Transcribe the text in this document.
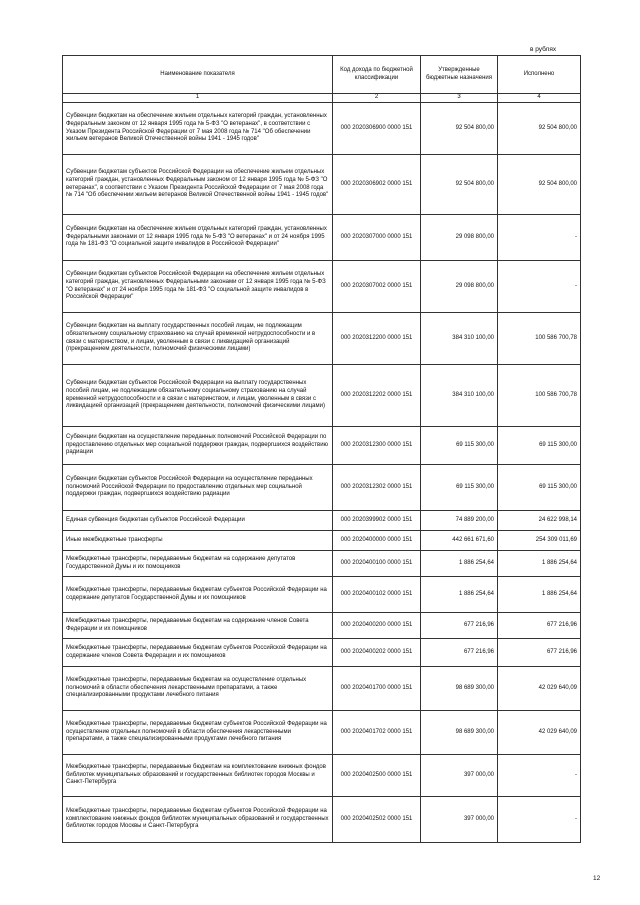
в рублях
Наименование показателя	Код дохода по бюджетной классификации	Утвержденные бюджетные назначения	Исполнено
1	2	3	4
Субвенции бюджетам на обеспечение жильем отдельных категорий граждан, установленных Федеральным законом от 12 января 1995 года № 5-ФЗ "О ветеранах", в соответствии с Указом Президента Российской Федерации от 7 мая 2008 года № 714 "Об обеспечении жильем ветеранов Великой Отечественной войны 1941 - 1945 годов"	000 2020306900 0000 151	92 504 800,00	92 504 800,00
Субвенции бюджетам субъектов Российской Федерации на обеспечение жильем отдельных категорий граждан, установленных Федеральным законом от 12 января 1995 года № 5-ФЗ "О ветеранах", в соответствии с Указом Президента Российской Федерации от 7 мая 2008 года № 714 "Об обеспечении жильем ветеранов Великой Отечественной войны 1941 - 1945 годов"	000 2020306902 0000 151	92 504 800,00	92 504 800,00
Субвенции бюджетам на обеспечение жильем отдельных категорий граждан, установленных Федеральными законами от 12 января 1995 года № 5-ФЗ "О ветеранах" и от 24 ноября 1995 года № 181-ФЗ "О социальной защите инвалидов в Российской Федерации"	000 2020307000 0000 151	29 098 800,00	-
Субвенции бюджетам субъектов Российской Федерации на обеспечение жильем отдельных категорий граждан, установленных Федеральными законами от 12 января 1995 года № 5-ФЗ "О ветеранах" и от 24 ноября 1995 года № 181-ФЗ "О социальной защите инвалидов в Российской Федерации"	000 2020307002 0000 151	29 098 800,00	-
Субвенции бюджетам на выплату государственных пособий лицам, не подлежащим обязательному социальному страхованию на случай временной нетрудоспособности и в связи с материнством, и лицам, уволенным в связи с ликвидацией организаций (прекращением деятельности, полномочий физическими лицами)	000 2020312200 0000 151	384 310 100,00	100 586 700,78
Субвенции бюджетам субъектов Российской Федерации на выплату государственных пособий лицам, не подлежащим обязательному социальному страхованию на случай временной нетрудоспособности и в связи с материнством, и лицам, уволенным в связи с ликвидацией организаций (прекращением деятельности, полномочий физическими лицами)	000 2020312202 0000 151	384 310 100,00	100 586 700,78
Субвенции бюджетам на осуществление переданных полномочий Российской Федерации по предоставлению отдельных мер социальной поддержки граждан, подвергшихся воздействию радиации	000 2020312300 0000 151	69 115 300,00	69 115 300,00
Субвенции бюджетам субъектов Российской Федерации на осуществление переданных полномочий Российской Федерации по предоставлению отдельных мер социальной поддержки граждан, подвергшихся воздействию радиации	000 2020312302 0000 151	69 115 300,00	69 115 300,00
Единая субвенция бюджетам субъектов Российской Федерации	000 2020399902 0000 151	74 889 200,00	24 622 998,14
Иные межбюджетные трансферты	000 2020400000 0000 151	442 661 671,60	254 309 011,69
Межбюджетные трансферты, передаваемые бюджетам на содержание депутатов Государственной Думы и их помощников	000 2020400100 0000 151	1 886 254,64	1 886 254,64
Межбюджетные трансферты, передаваемые бюджетам субъектов Российской Федерации на содержание депутатов Государственной Думы и их помощников	000 2020400102 0000 151	1 886 254,64	1 886 254,64
Межбюджетные трансферты, передаваемые бюджетам на содержание членов Совета Федерации и их помощников	000 2020400200 0000 151	677 216,96	677 216,96
Межбюджетные трансферты, передаваемые бюджетам субъектов Российской Федерации на содержание членов Совета Федерации и их помощников	000 2020400202 0000 151	677 216,96	677 216,96
Межбюджетные трансферты, передаваемые бюджетам на осуществление отдельных полномочий в области обеспечения лекарственными препаратами, а также специализированными продуктами лечебного питания	000 2020401700 0000 151	98 689 300,00	42 029 640,09
Межбюджетные трансферты, передаваемые бюджетам субъектов Российской Федерации на осуществление отдельных полномочий в области обеспечения лекарственными препаратами, а также специализированными продуктами лечебного питания	000 2020401702 0000 151	98 689 300,00	42 029 640,09
Межбюджетные трансферты, передаваемые бюджетам на комплектование книжных фондов библиотек муниципальных образований и государственных библиотек городов Москвы и Санкт-Петербурга	000 2020402500 0000 151	397 000,00	-
Межбюджетные трансферты, передаваемые бюджетам субъектов Российской Федерации на комплектование книжных фондов библиотек муниципальных образований и государственных библиотек городов Москвы и Санкт-Петербурга	000 2020402502 0000 151	397 000,00	-
12
